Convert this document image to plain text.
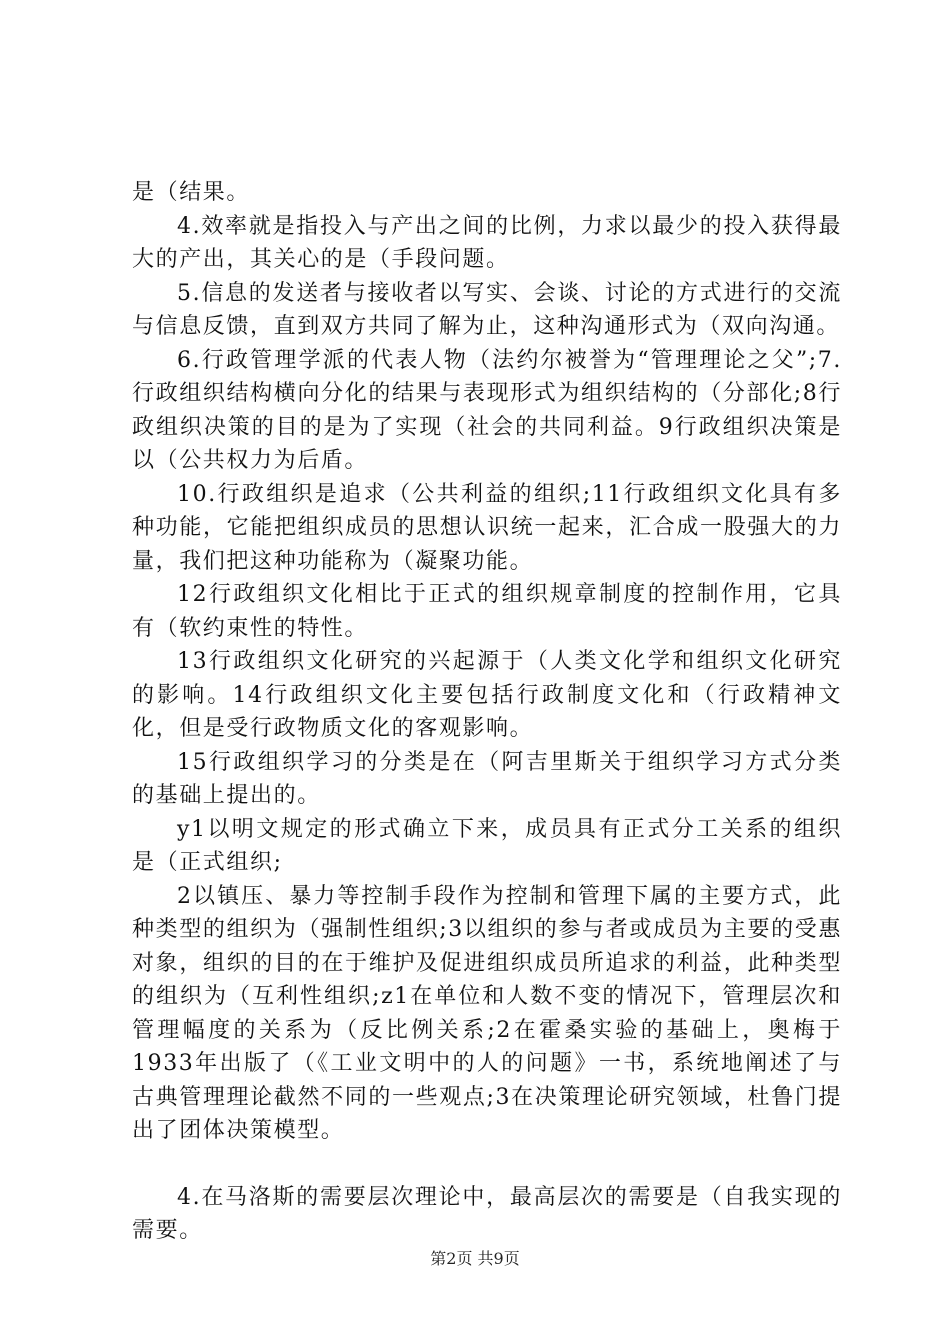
是（结果。

4.效率就是指投入与产出之间的比例，力求以最少的投入获得最大的产出，其关心的是（手段问题。

5.信息的发送者与接收者以写实、会谈、讨论的方式进行的交流与信息反馈，直到双方共同了解为止，这种沟通形式为（双向沟通。

6.行政管理学派的代表人物（法约尔被誉为“管理理论之父”;7.行政组织结构横向分化的结果与表现形式为组织结构的（分部化;8行政组织决策的目的是为了实现（社会的共同利益。9行政组织决策是以（公共权力为后盾。

10.行政组织是追求（公共利益的组织;11行政组织文化具有多种功能，它能把组织成员的思想认识统一起来，汇合成一股强大的力量，我们把这种功能称为（凝聚功能。

12行政组织文化相比于正式的组织规章制度的控制作用，它具有（软约束性的特性。

13行政组织文化研究的兴起源于（人类文化学和组织文化研究的影响。14行政组织文化主要包括行政制度文化和（行政精神文化，但是受行政物质文化的客观影响。

15行政组织学习的分类是在（阿吉里斯关于组织学习方式分类的基础上提出的。

y1以明文规定的形式确立下来，成员具有正式分工关系的组织是（正式组织;

2以镇压、暴力等控制手段作为控制和管理下属的主要方式，此种类型的组织为（强制性组织;3以组织的参与者或成员为主要的受惠对象，组织的目的在于维护及促进组织成员所追求的利益，此种类型的组织为（互利性组织;z1在单位和人数不变的情况下，管理层次和管理幅度的关系为（反比例关系;2在霍桑实验的基础上，奥梅于1933年出版了（《工业文明中的人的问题》一书，系统地阐述了与古典管理理论截然不同的一些观点;3在决策理论研究领域，杜鲁门提出了团体决策模型。

4.在马洛斯的需要层次理论中，最高层次的需要是（自我实现的需要。

第2页 共9页
